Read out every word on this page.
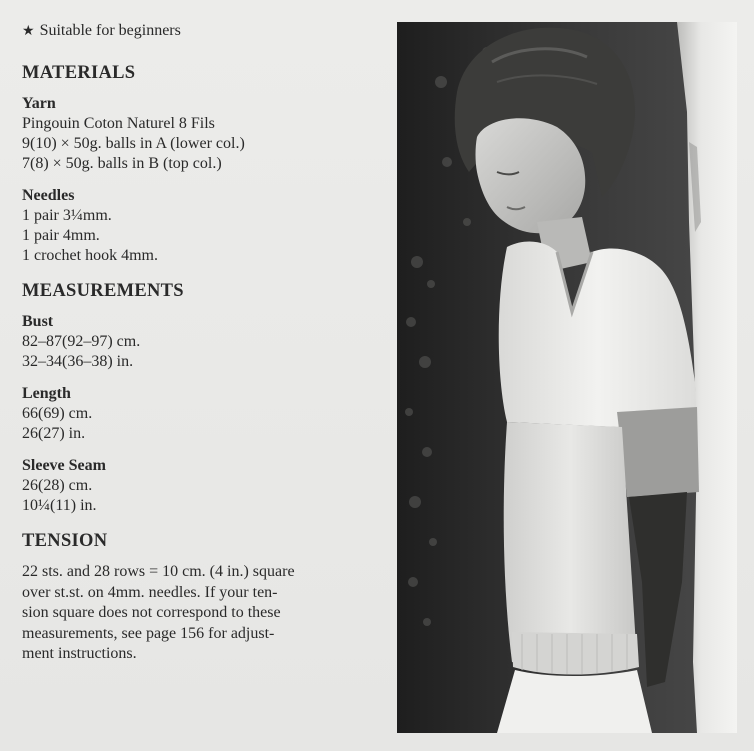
★ Suitable for beginners
MATERIALS
Yarn
Pingouin Coton Naturel 8 Fils
9(10) × 50g. balls in A (lower col.)
7(8) × 50g. balls in B (top col.)
Needles
1 pair 3¼mm.
1 pair 4mm.
1 crochet hook 4mm.
MEASUREMENTS
Bust
82–87(92–97) cm.
32–34(36–38) in.
Length
66(69) cm.
26(27) in.
Sleeve Seam
26(28) cm.
10¼(11) in.
TENSION
22 sts. and 28 rows = 10 cm. (4 in.) square
over st.st. on 4mm. needles. If your ten-
sion square does not correspond to these
measurements, see page 156 for adjust-
ment instructions.
